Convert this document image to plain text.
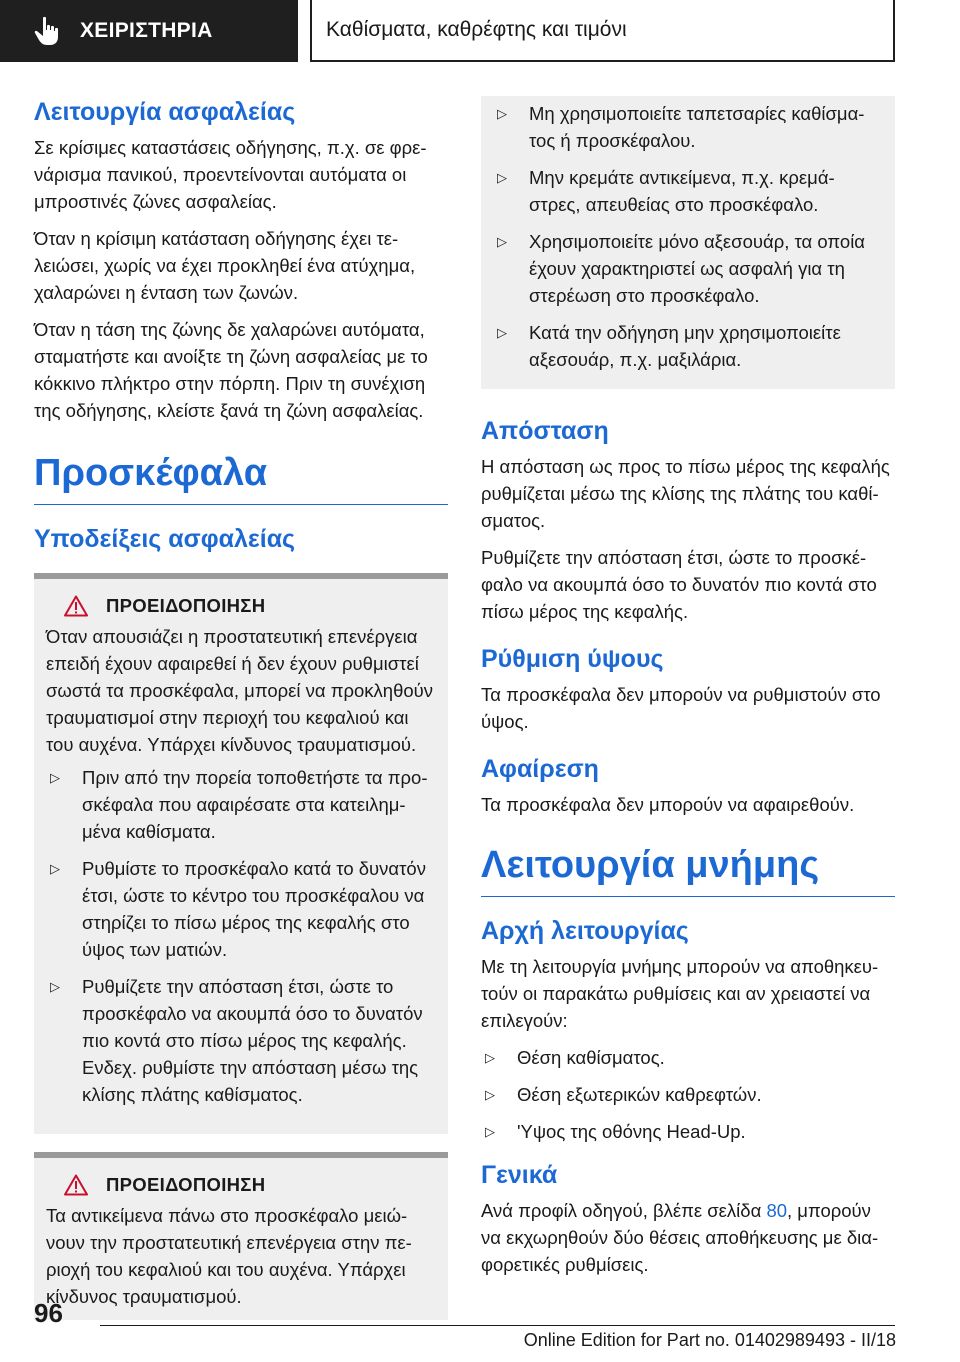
ΧΕΙΡΙΣΤΗΡΙΑ	Καθίσματα, καθρέφτης και τιμόνι
Λειτουργία ασφαλείας

Σε κρίσιμες καταστάσεις οδήγησης, π.χ. σε φρε‐νάρισμα πανικού, προεντείνονται αυτόματα οι μπροστινές ζώνες ασφαλείας.

Όταν η κρίσιμη κατάσταση οδήγησης έχει τε‐λειώσει, χωρίς να έχει προκληθεί ένα ατύχημα, χαλαρώνει η ένταση των ζωνών.

Όταν η τάση της ζώνης δε χαλαρώνει αυτόματα, σταματήστε και ανοίξτε τη ζώνη ασφαλείας με το κόκκινο πλήκτρο στην πόρπη. Πριν τη συνέχιση της οδήγησης, κλείστε ξανά τη ζώνη ασφαλείας.

Προσκέφαλα
Υποδείξεις ασφαλείας
ΠΡΟΕΙΔΟΠΟΙΗΣΗ

Όταν απουσιάζει η προστατευτική επενέργεια επειδή έχουν αφαιρεθεί ή δεν έχουν ρυθμιστεί σωστά τα προσκέφαλα, μπορεί να προκληθούν τραυματισμοί στην περιοχή του κεφαλιού και του αυχένα. Υπάρχει κίνδυνος τραυματισμού.

▷	Πριν από την πορεία τοποθετήστε τα προ‐σκέφαλα που αφαιρέσατε στα κατειλημ‐μένα καθίσματα.
▷	Ρυθμίστε το προσκέφαλο κατά το δυνατόν έτσι, ώστε το κέντρο του προσκέφαλου να στηρίζει το πίσω μέρος της κεφαλής στο ύψος των ματιών.
▷	Ρυθμίζετε την απόσταση έτσι, ώστε το προσκέφαλο να ακουμπά όσο το δυνατόν πιο κοντά στο πίσω μέρος της κεφαλής. Ενδεχ. ρυθμίστε την απόσταση μέσω της κλίσης πλάτης καθίσματος.
ΠΡΟΕΙΔΟΠΟΙΗΣΗ

Τα αντικείμενα πάνω στο προσκέφαλο μειώ‐νουν την προστατευτική επενέργεια στην πε‐ριοχή του κεφαλιού και του αυχένα. Υπάρχει κίνδυνος τραυματισμού.

▷	Μη χρησιμοποιείτε ταπετσαρίες καθίσμα‐τος ή προσκέφαλου.
▷	Μην κρεμάτε αντικείμενα, π.χ. κρεμά‐στρες, απευθείας στο προσκέφαλο.
▷	Χρησιμοποιείτε μόνο αξεσουάρ, τα οποία έχουν χαρακτηριστεί ως ασφαλή για τη στερέωση στο προσκέφαλο.
▷	Κατά την οδήγηση μην χρησιμοποιείτε αξεσουάρ, π.χ. μαξιλάρια.
Απόσταση

Η απόσταση ως προς το πίσω μέρος της κεφαλής ρυθμίζεται μέσω της κλίσης της πλάτης του καθί‐σματος.

Ρυθμίζετε την απόσταση έτσι, ώστε το προσκέ‐φαλο να ακουμπά όσο το δυνατόν πιο κοντά στο πίσω μέρος της κεφαλής.

Ρύθμιση ύψους

Τα προσκέφαλα δεν μπορούν να ρυθμιστούν στο ύψος.

Αφαίρεση

Τα προσκέφαλα δεν μπορούν να αφαιρεθούν.

Λειτουργία μνήμης
Αρχή λειτουργίας

Με τη λειτουργία μνήμης μπορούν να αποθηκευ‐τούν οι παρακάτω ρυθμίσεις και αν χρειαστεί να επιλεγούν:

▷	Θέση καθίσματος.
▷	Θέση εξωτερικών καθρεφτών.
▷	'Υψος της οθόνης Head-Up.
Γενικά

Ανά προφίλ οδηγού, βλέπε σελίδα 80, μπορούν να εκχωρηθούν δύο θέσεις αποθήκευσης με δια‐φορετικές ρυθμίσεις.

96
Online Edition for Part no. 01402989493 - II/18
